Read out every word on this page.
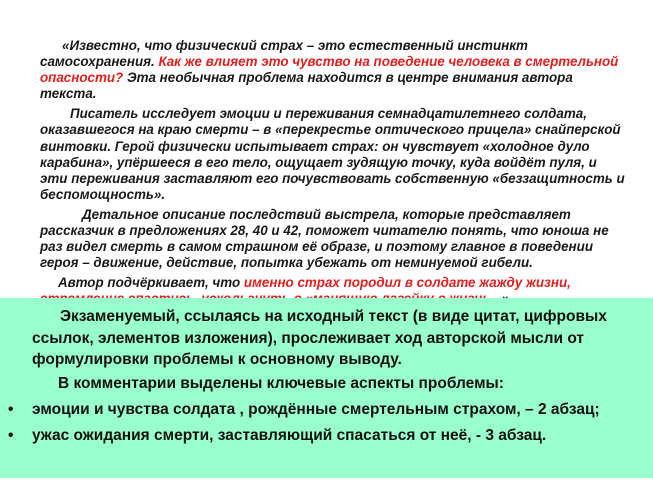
«Известно, что физический страх – это естественный инстинкт самосохранения. Как же влияет это чувство на поведение человека в смертельной опасности? Эта необычная проблема находится в центре внимания автора текста.

Писатель исследует эмоции и переживания семнадцатилетнего солдата, оказавшегося на краю смерти – в «перекрестье оптического прицела» снайперской винтовки. Герой физически испытывает страх: он чувствует «холодное дуло карабина», упёршееся в его тело, ощущает зудящую точку, куда войдёт пуля, и эти переживания заставляют его почувствовать собственную «беззащитность и беспомощность».

Детальное описание последствий выстрела, которые представляет рассказчик в предложениях 28, 40 и 42, поможет читателю понять, что юноша не раз видел смерть в самом страшном её образе, и поэтому главное в поведении героя – движение, действие, попытка убежать от неминуемой гибели.

Автор подчёркивает, что именно страх породил в солдате жажду жизни,

Экзаменуемый, ссылаясь на исходный текст (в виде цитат, цифровых ссылок, элементов изложения), прослеживает ход авторской мысли от формулировки проблемы к основному выводу.

В комментарии выделены ключевые аспекты проблемы:

• эмоции и чувства солдата , рождённые смертельным страхом, – 2 абзац;
• ужас ожидания смерти, заставляющий спасаться от неё, - 3 абзац.
